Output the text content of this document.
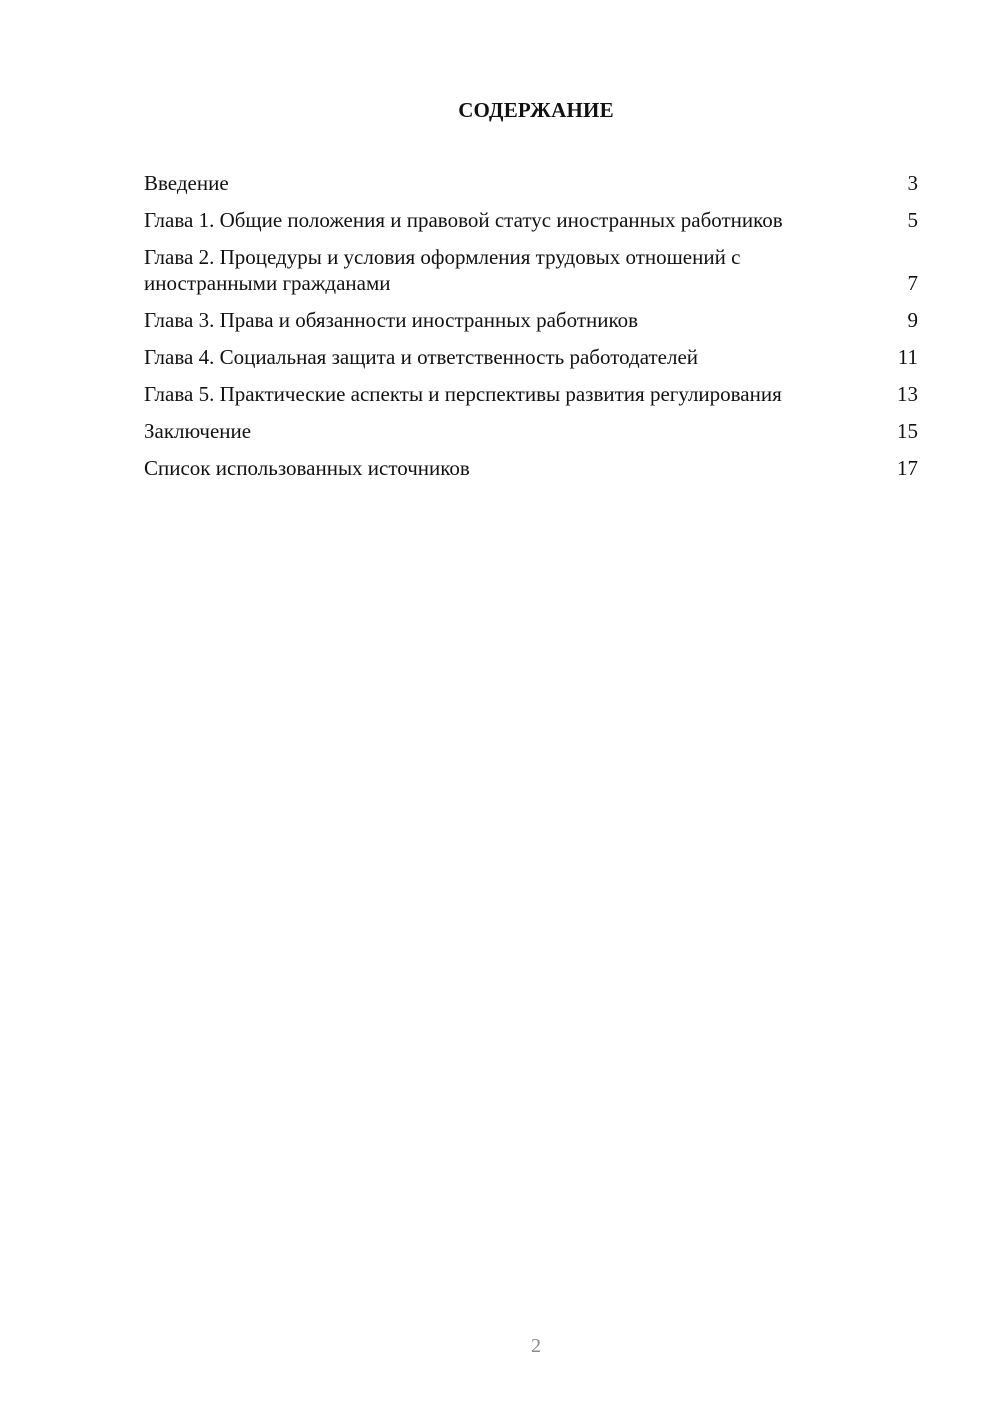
СОДЕРЖАНИЕ
Введение	3
Глава 1. Общие положения и правовой статус иностранных работников	5
Глава 2. Процедуры и условия оформления трудовых отношений с иностранными гражданами	7
Глава 3. Права и обязанности иностранных работников	9
Глава 4. Социальная защита и ответственность работодателей	11
Глава 5. Практические аспекты и перспективы развития регулирования	13
Заключение	15
Список использованных источников	17
2
